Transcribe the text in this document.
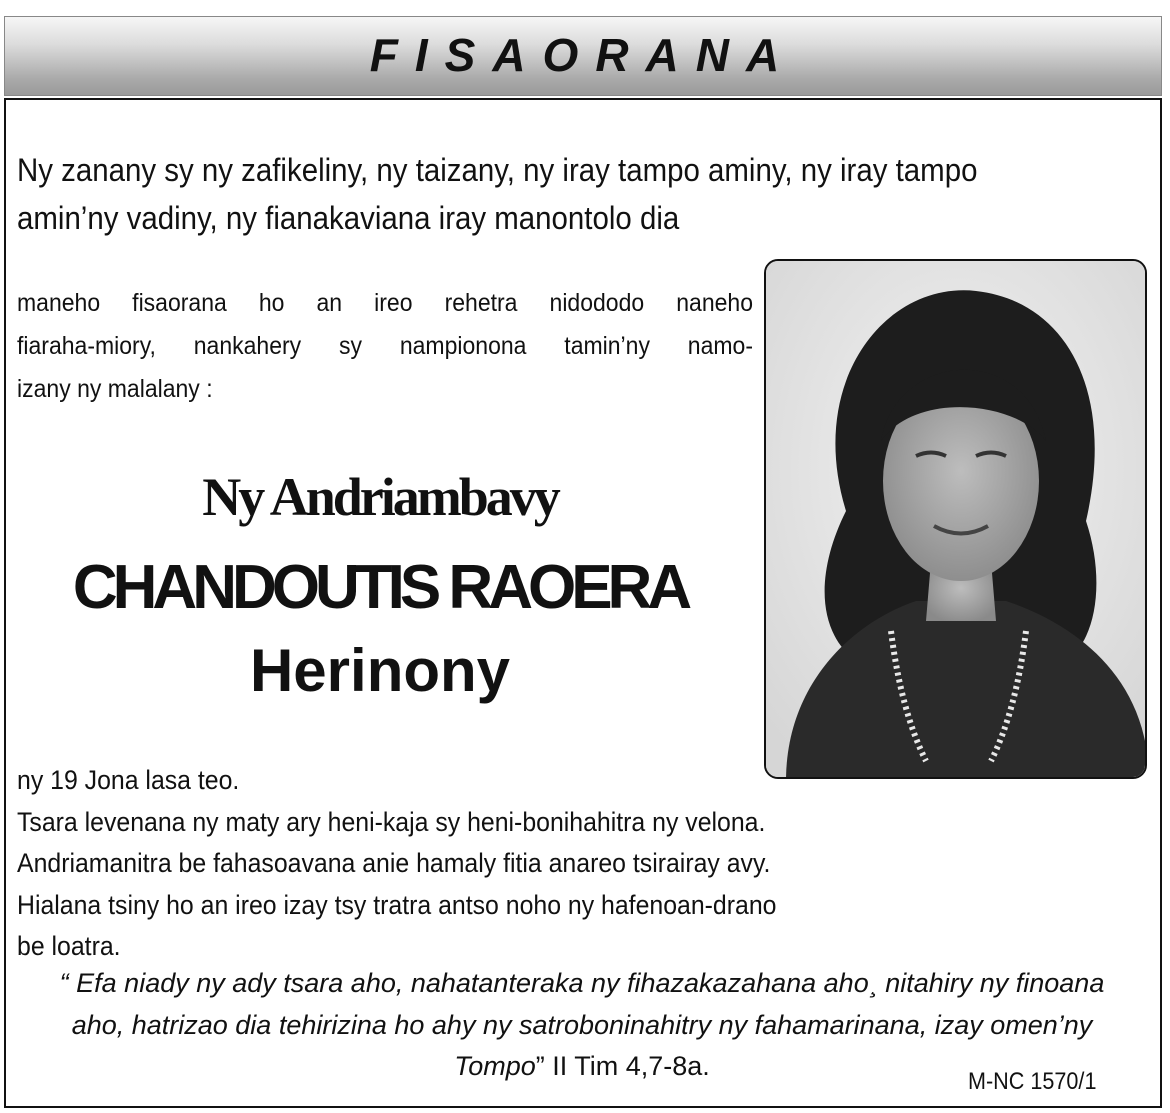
FISAORANA
Ny zanany sy ny zafikeliny, ny taizany, ny iray tampo aminy, ny iray tampo
amin’ny vadiny, ny fianakaviana iray manontolo dia
maneho fisaorana ho an ireo rehetra nidododo naneho
fiaraha-miory, nankahery sy nampionona tamin’ny namo-
izany ny malalany :
Ny Andriambavy
CHANDOUTIS RAOERA
Herinony
ny 19 Jona lasa teo.
Tsara levenana ny maty ary heni-kaja sy heni-bonihahitra ny velona.
Andriamanitra be fahasoavana anie hamaly fitia anareo tsirairay avy.
Hialana tsiny ho an ireo izay tsy tratra antso noho ny hafenoan-drano
be loatra.
“ Efa niady ny ady tsara aho, nahatanteraka ny fihazakazahana aho¸ nitahiry ny finoana
aho, hatrizao dia tehirizina ho ahy ny satroboninahitry ny fahamarinana, izay omen’ny
Tompo” II Tim 4,7-8a.
M-NC 1570/1
